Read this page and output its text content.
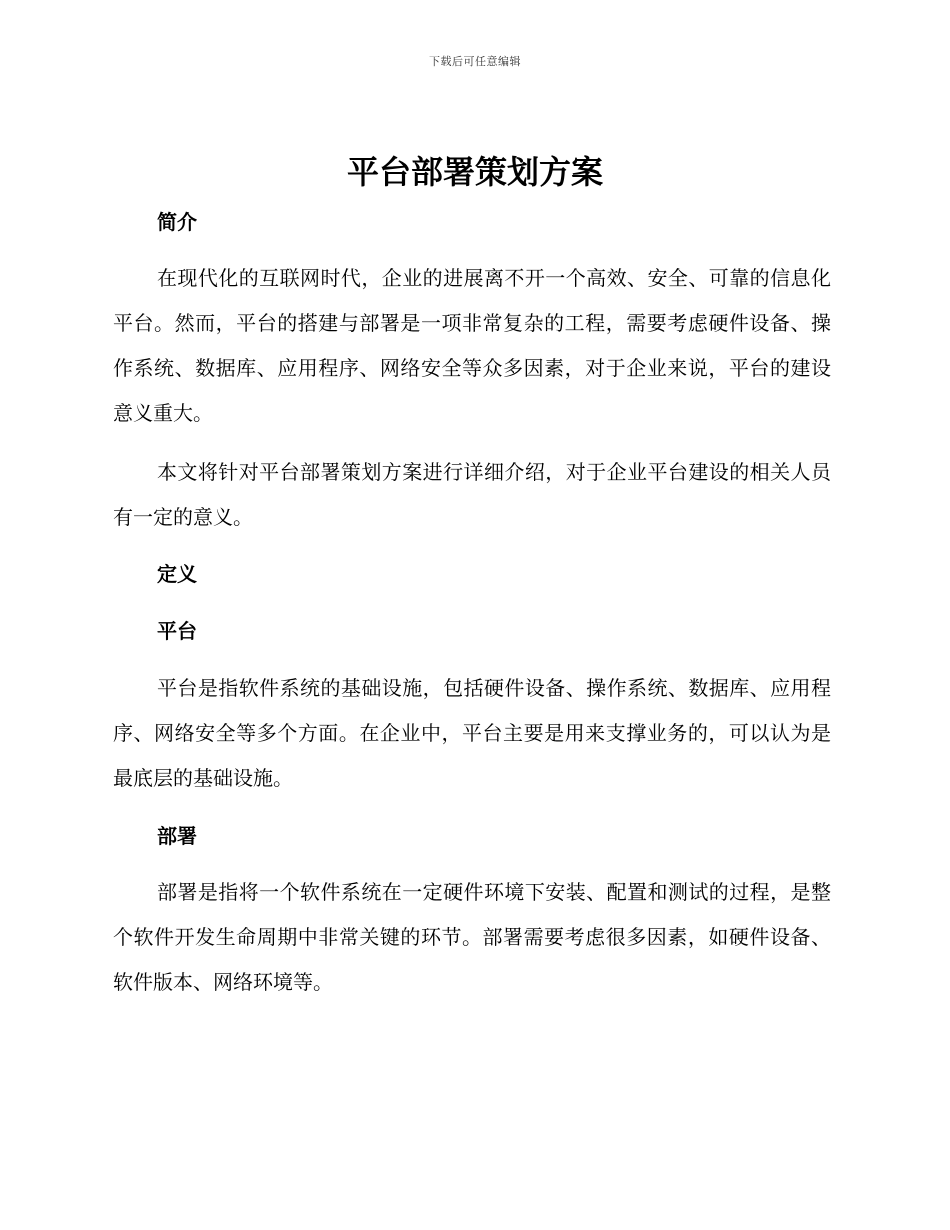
下载后可任意编辑
平台部署策划方案
简介

在现代化的互联网时代，企业的进展离不开一个高效、安全、可靠的信息化平台。然而，平台的搭建与部署是一项非常复杂的工程，需要考虑硬件设备、操作系统、数据库、应用程序、网络安全等众多因素，对于企业来说，平台的建设意义重大。

本文将针对平台部署策划方案进行详细介绍，对于企业平台建设的相关人员有一定的意义。

定义
平台

平台是指软件系统的基础设施，包括硬件设备、操作系统、数据库、应用程序、网络安全等多个方面。在企业中，平台主要是用来支撑业务的，可以认为是最底层的基础设施。

部署

部署是指将一个软件系统在一定硬件环境下安装、配置和测试的过程，是整个软件开发生命周期中非常关键的环节。部署需要考虑很多因素，如硬件设备、软件版本、网络环境等。
